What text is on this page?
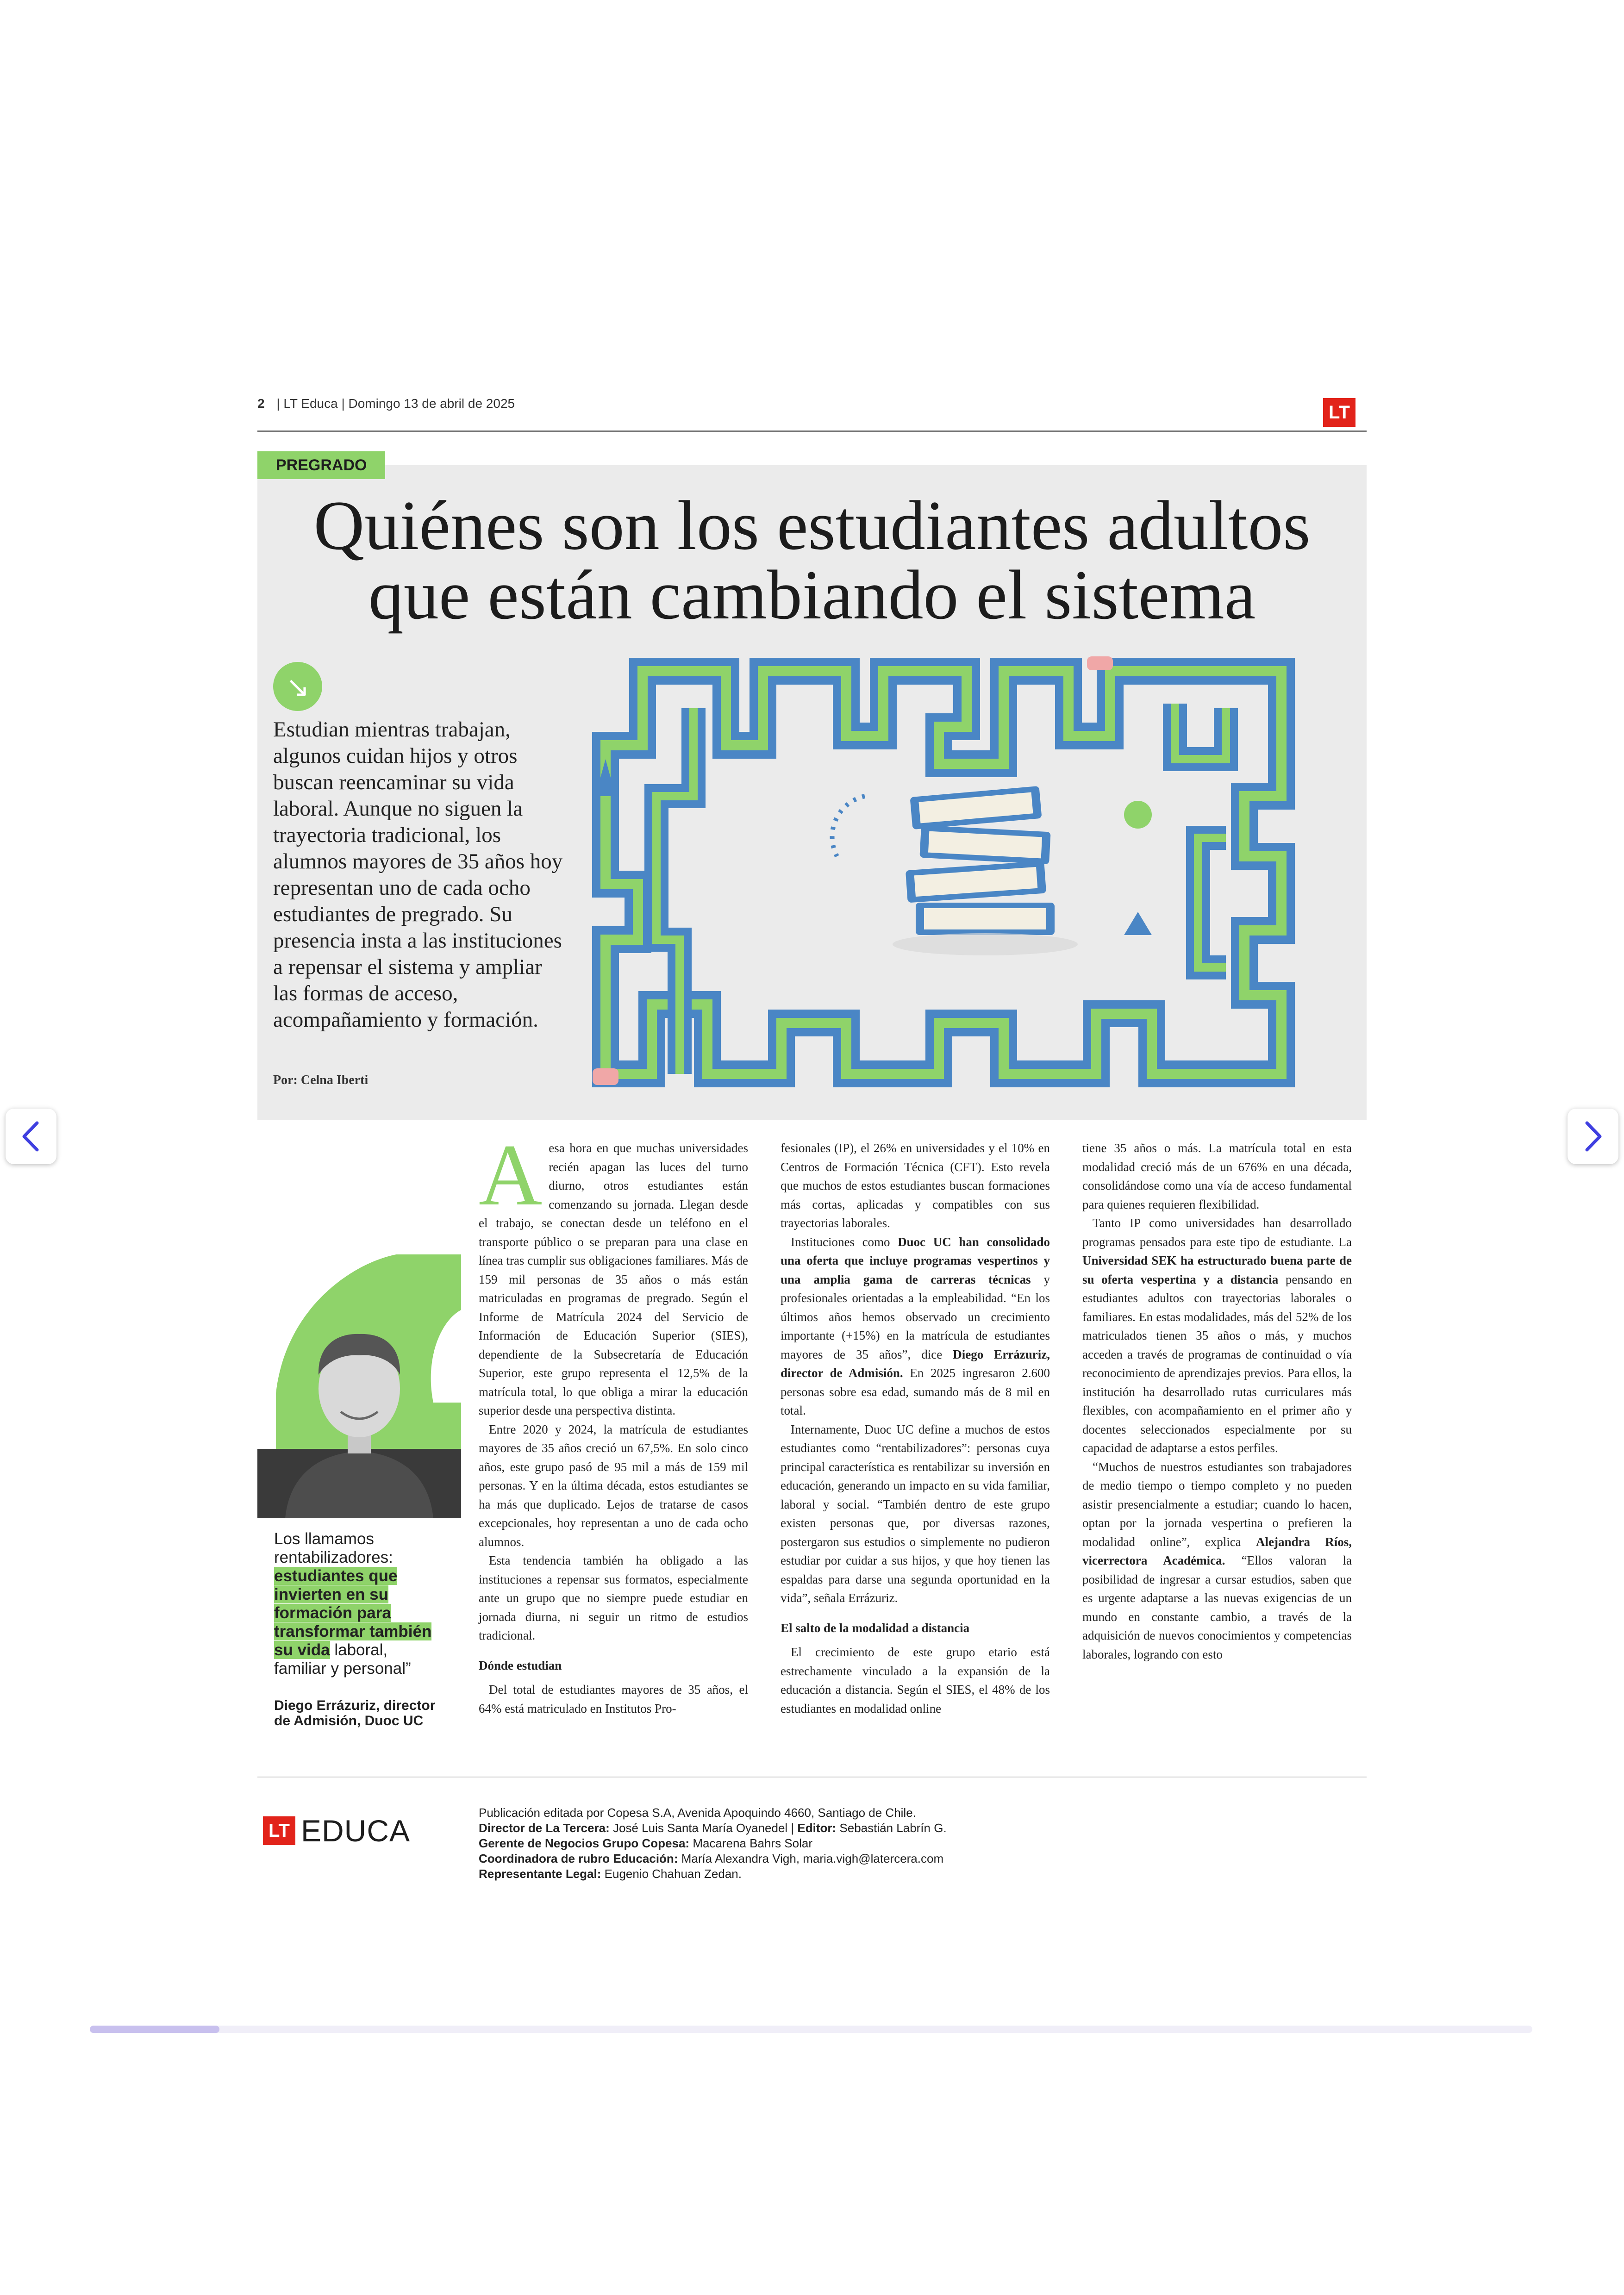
2 | LT Educa | Domingo 13 de abril de 2025	LT
PREGRADO
Quiénes son los estudiantes adultos
que están cambiando el sistema
↘
Estudian mientras trabajan, algunos cuidan hijos y otros buscan reencaminar su vida laboral. Aunque no siguen la trayectoria tradicional, los alumnos mayores de 35 años hoy representan uno de cada ocho estudiantes de pregrado. Su presencia insta a las instituciones a repensar el sistema y ampliar las formas de acceso, acompañamiento y formación.
Por: Celna Iberti
Los llamamos rentabilizadores: estudiantes que invierten en su formación para transformar también su vida laboral, familiar y personal”
Diego Errázuriz, director de Admisión, Duoc UC

Aesa hora en que muchas universidades recién apagan las luces del turno diurno, otros estudiantes están comenzando su jornada. Llegan desde el trabajo, se conectan desde un teléfono en el transporte público o se preparan para una clase en línea tras cumplir sus obligaciones familiares. Más de 159 mil personas de 35 años o más están matriculadas en programas de pregrado. Según el Informe de Matrícula 2024 del Servicio de Información de Educación Superior (SIES), dependiente de la Subsecretaría de Educación Superior, este grupo representa el 12,5% de la matrícula total, lo que obliga a mirar la educación superior desde una perspectiva distinta.

Entre 2020 y 2024, la matrícula de estudiantes mayores de 35 años creció un 67,5%. En solo cinco años, este grupo pasó de 95 mil a más de 159 mil personas. Y en la última década, estos estudiantes se ha más que duplicado. Lejos de tratarse de casos excepcionales, hoy representan a uno de cada ocho alumnos.

Esta tendencia también ha obligado a las instituciones a repensar sus formatos, especialmente ante un grupo que no siempre puede estudiar en jornada diurna, ni seguir un ritmo de estudios tradicional.

Dónde estudian

Del total de estudiantes mayores de 35 años, el 64% está matriculado en Institutos Pro-

fesionales (IP), el 26% en universidades y el 10% en Centros de Formación Técnica (CFT). Esto revela que muchos de estos estudiantes buscan formaciones más cortas, aplicadas y compatibles con sus trayectorias laborales.

Instituciones como Duoc UC han consolidado una oferta que incluye programas vespertinos y una amplia gama de carreras técnicas y profesionales orientadas a la empleabilidad. “En los últimos años hemos observado un crecimiento importante (+15%) en la matrícula de estudiantes mayores de 35 años”, dice Diego Errázuriz, director de Admisión. En 2025 ingresaron 2.600 personas sobre esa edad, sumando más de 8 mil en total.

Internamente, Duoc UC define a muchos de estos estudiantes como “rentabilizadores”: personas cuya principal característica es rentabilizar su inversión en educación, generando un impacto en su vida familiar, laboral y social. “También dentro de este grupo existen personas que, por diversas razones, postergaron sus estudios o simplemente no pudieron estudiar por cuidar a sus hijos, y que hoy tienen las espaldas para darse una segunda oportunidad en la vida”, señala Errázuriz.

El salto de la modalidad a distancia

El crecimiento de este grupo etario está estrechamente vinculado a la expansión de la educación a distancia. Según el SIES, el 48% de los estudiantes en modalidad online

tiene 35 años o más. La matrícula total en esta modalidad creció más de un 676% en una década, consolidándose como una vía de acceso fundamental para quienes requieren flexibilidad.

Tanto IP como universidades han desarrollado programas pensados para este tipo de estudiante. La Universidad SEK ha estructurado buena parte de su oferta vespertina y a distancia pensando en estudiantes adultos con trayectorias laborales o familiares. En estas modalidades, más del 52% de los matriculados tienen 35 años o más, y muchos acceden a través de programas de continuidad o vía reconocimiento de aprendizajes previos. Para ellos, la institución ha desarrollado rutas curriculares más flexibles, con acompañamiento en el primer año y docentes seleccionados especialmente por su capacidad de adaptarse a estos perfiles.

“Muchos de nuestros estudiantes son trabajadores de medio tiempo o tiempo completo y no pueden asistir presencialmente a estudiar; cuando lo hacen, optan por la jornada vespertina o prefieren la modalidad online”, explica Alejandra Ríos, vicerrectora Académica. “Ellos valoran la posibilidad de ingresar a cursar estudios, saben que es urgente adaptarse a las nuevas exigencias de un mundo en constante cambio, a través de la adquisición de nuevos conocimientos y competencias laborales, logrando con esto

LT EDUCA
Publicación editada por Copesa S.A, Avenida Apoquindo 4660, Santiago de Chile.
Director de La Tercera: José Luis Santa María Oyanedel | Editor: Sebastián Labrín G.
Gerente de Negocios Grupo Copesa: Macarena Bahrs Solar
Coordinadora de rubro Educación: María Alexandra Vigh, maria.vigh@latercera.com
Representante Legal: Eugenio Chahuan Zedan.
